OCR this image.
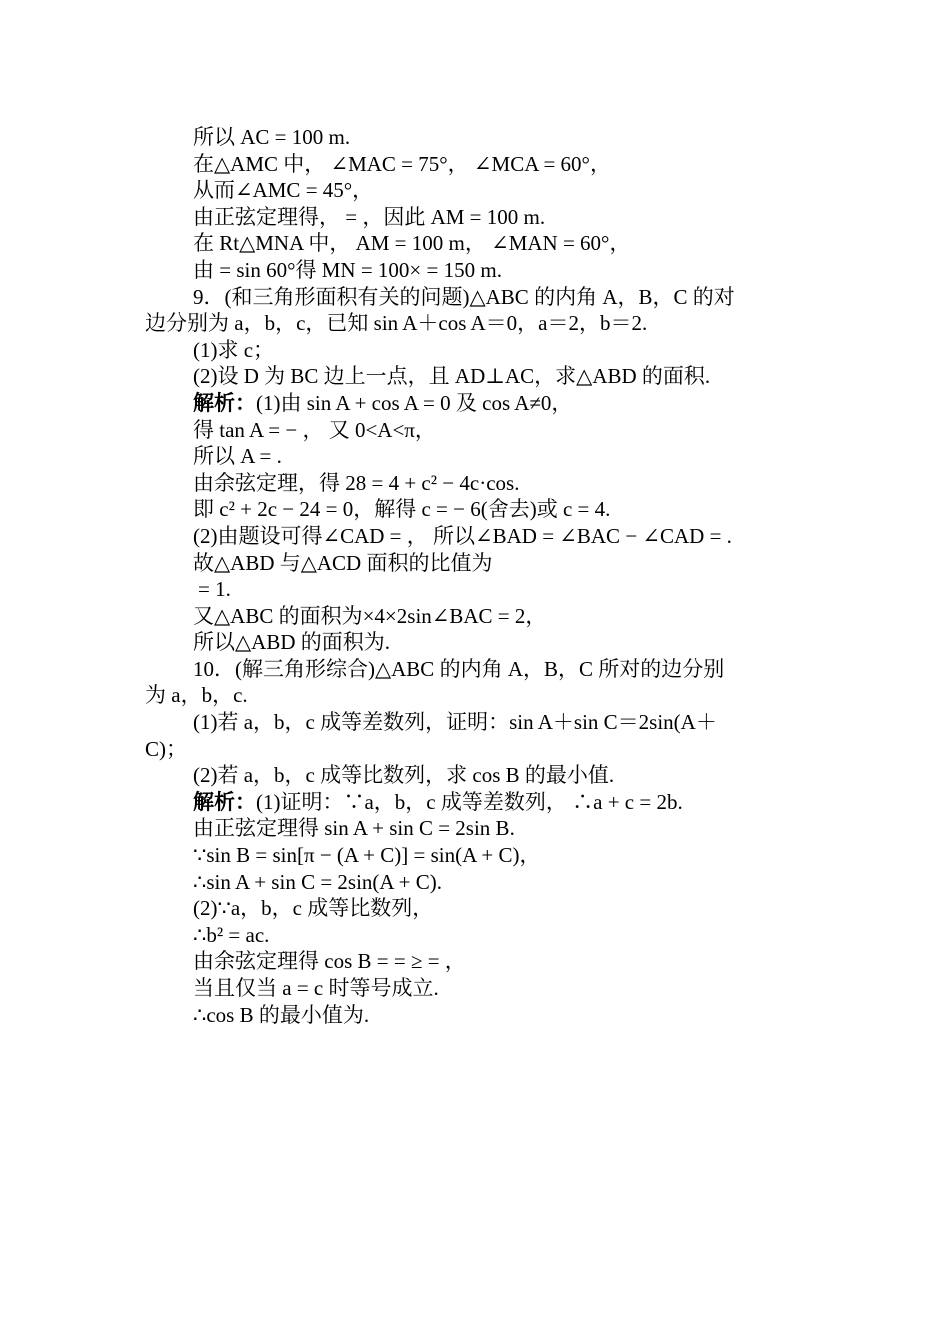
所以 AC = 100 m.
在△AMC 中， ∠MAC = 75°， ∠MCA = 60°，
从而∠AMC = 45°，
由正弦定理得， = ，因此 AM = 100 m.
在 Rt△MNA 中， AM = 100 m， ∠MAN = 60°，
由 = sin 60°得 MN = 100× = 150 m.
9．(和三角形面积有关的问题)△ABC 的内角 A，B，C 的对
边分别为 a，b，c，已知 sin A＋cos A＝0，a＝2，b＝2.
(1)求 c；
(2)设 D 为 BC 边上一点，且 AD⊥AC，求△ABD 的面积.
解析：(1)由 sin A + cos A = 0 及 cos A≠0，
得 tan A = − ， 又 0<A<π，
所以 A = .
由余弦定理，得 28 = 4 + c² − 4c·cos.
即 c² + 2c − 24 = 0，解得 c = − 6(舍去)或 c = 4.
(2)由题设可得∠CAD = ， 所以∠BAD = ∠BAC − ∠CAD = .
故△ABD 与△ACD 面积的比值为
= 1.
又△ABC 的面积为×4×2sin∠BAC = 2，
所以△ABD 的面积为.
10．(解三角形综合)△ABC 的内角 A，B，C 所对的边分别
为 a，b，c.
(1)若 a，b，c 成等差数列，证明：sin A＋sin C＝2sin(A＋
C)；
(2)若 a，b，c 成等比数列，求 cos B 的最小值.
解析：(1)证明：∵a，b，c 成等差数列， ∴a + c = 2b.
由正弦定理得 sin A + sin C = 2sin B.
∵sin B = sin[π − (A + C)] = sin(A + C)，
∴sin A + sin C = 2sin(A + C).
(2)∵a，b，c 成等比数列，
∴b² = ac.
由余弦定理得 cos B = = ≥ = ，
当且仅当 a = c 时等号成立.
∴cos B 的最小值为.
